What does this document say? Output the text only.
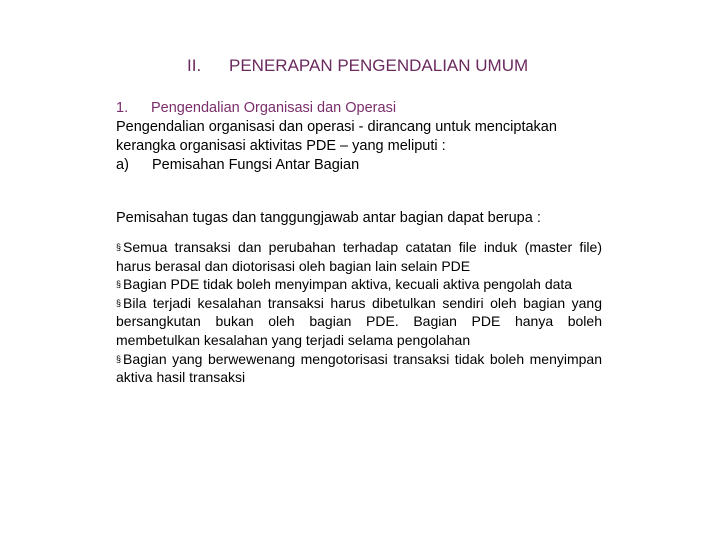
II.	PENERAPAN PENGENDALIAN UMUM
1. Pengendalian Organisasi dan Operasi
Pengendalian organisasi dan operasi - dirancang untuk menciptakan kerangka organisasi aktivitas PDE – yang meliputi :
a) Pemisahan Fungsi Antar Bagian
Pemisahan tugas dan tanggungjawab antar bagian dapat berupa :

§ Semua transaksi dan perubahan terhadap catatan file induk (master file) harus berasal dan diotorisasi oleh bagian lain selain PDE

§ Bagian PDE tidak boleh menyimpan aktiva, kecuali aktiva pengolah data

§ Bila terjadi kesalahan transaksi harus dibetulkan sendiri oleh bagian yang bersangkutan bukan oleh bagian PDE. Bagian PDE hanya boleh membetulkan kesalahan yang terjadi selama pengolahan

§ Bagian yang berwewenang mengotorisasi transaksi tidak boleh menyimpan aktiva hasil transaksi
